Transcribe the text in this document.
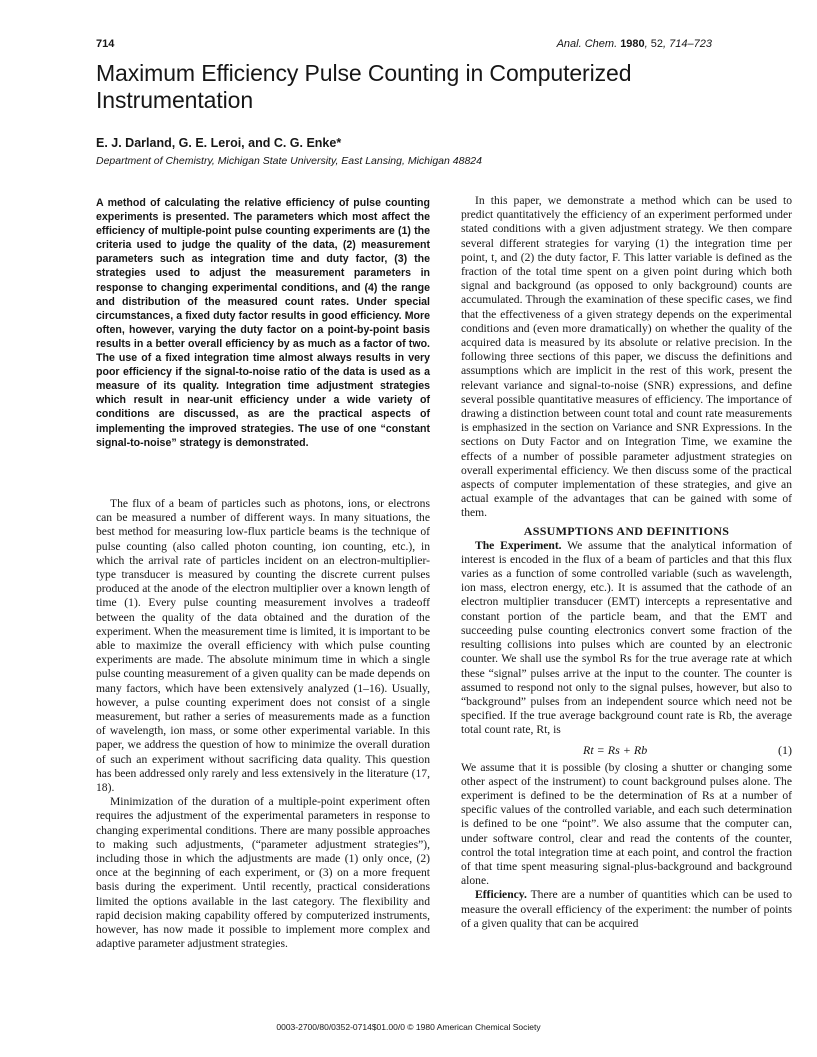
714	Anal. Chem. 1980, 52, 714–723
Maximum Efficiency Pulse Counting in Computerized Instrumentation
E. J. Darland, G. E. Leroi, and C. G. Enke*
Department of Chemistry, Michigan State University, East Lansing, Michigan 48824
A method of calculating the relative efficiency of pulse counting experiments is presented. The parameters which most affect the efficiency of multiple-point pulse counting experiments are (1) the criteria used to judge the quality of the data, (2) measurement parameters such as integration time and duty factor, (3) the strategies used to adjust the measurement parameters in response to changing experimental conditions, and (4) the range and distribution of the measured count rates. Under special circumstances, a fixed duty factor results in good efficiency. More often, however, varying the duty factor on a point-by-point basis results in a better overall efficiency by as much as a factor of two. The use of a fixed integration time almost always results in very poor efficiency if the signal-to-noise ratio of the data is used as a measure of its quality. Integration time adjustment strategies which result in near-unit efficiency under a wide variety of conditions are discussed, as are the practical aspects of implementing the improved strategies. The use of one “constant signal-to-noise” strategy is demonstrated.

The flux of a beam of particles such as photons, ions, or electrons can be measured a number of different ways. In many situations, the best method for measuring low-flux particle beams is the technique of pulse counting (also called photon counting, ion counting, etc.), in which the arrival rate of particles incident on an electron-multiplier-type transducer is measured by counting the discrete current pulses produced at the anode of the electron multiplier over a known length of time (1). Every pulse counting measurement involves a tradeoff between the quality of the data obtained and the duration of the experiment. When the measurement time is limited, it is important to be able to maximize the overall efficiency with which pulse counting experiments are made. The absolute minimum time in which a single pulse counting measurement of a given quality can be made depends on many factors, which have been extensively analyzed (1–16). Usually, however, a pulse counting experiment does not consist of a single measurement, but rather a series of measurements made as a function of wavelength, ion mass, or some other experimental variable. In this paper, we address the question of how to minimize the overall duration of such an experiment without sacrificing data quality. This question has been addressed only rarely and less extensively in the literature (17, 18).

Minimization of the duration of a multiple-point experiment often requires the adjustment of the experimental parameters in response to changing experimental conditions. There are many possible approaches to making such adjustments, (“parameter adjustment strategies”), including those in which the adjustments are made (1) only once, (2) once at the beginning of each experiment, or (3) on a more frequent basis during the experiment. Until recently, practical considerations limited the options available in the last category. The flexibility and rapid decision making capability offered by computerized instruments, however, has now made it possible to implement more complex and adaptive parameter adjustment strategies.

In this paper, we demonstrate a method which can be used to predict quantitatively the efficiency of an experiment performed under stated conditions with a given adjustment strategy. We then compare several different strategies for varying (1) the integration time per point, t, and (2) the duty factor, F. This latter variable is defined as the fraction of the total time spent on a given point during which both signal and background (as opposed to only background) counts are accumulated. Through the examination of these specific cases, we find that the effectiveness of a given strategy depends on the experimental conditions and (even more dramatically) on whether the quality of the acquired data is measured by its absolute or relative precision. In the following three sections of this paper, we discuss the definitions and assumptions which are implicit in the rest of this work, present the relevant variance and signal-to-noise (SNR) expressions, and define several possible quantitative measures of efficiency. The importance of drawing a distinction between count total and count rate measurements is emphasized in the section on Variance and SNR Expressions. In the sections on Duty Factor and on Integration Time, we examine the effects of a number of possible parameter adjustment strategies on overall experimental efficiency. We then discuss some of the practical aspects of computer implementation of these strategies, and give an actual example of the advantages that can be gained with some of them.

ASSUMPTIONS AND DEFINITIONS

The Experiment. We assume that the analytical information of interest is encoded in the flux of a beam of particles and that this flux varies as a function of some controlled variable (such as wavelength, ion mass, electron energy, etc.). It is assumed that the cathode of an electron multiplier transducer (EMT) intercepts a representative and constant portion of the particle beam, and that the EMT and succeeding pulse counting electronics convert some fraction of the resulting collisions into pulses which are counted by an electronic counter. We shall use the symbol Rs for the true average rate at which these “signal” pulses arrive at the input to the counter. The counter is assumed to respond not only to the signal pulses, however, but also to “background” pulses from an independent source which need not be specified. If the true average background count rate is Rb, the average total count rate, Rt, is

Rt = Rs + Rb	(1)

We assume that it is possible (by closing a shutter or changing some other aspect of the instrument) to count background pulses alone. The experiment is defined to be the determination of Rs at a number of specific values of the controlled variable, and each such determination is defined to be one “point”. We also assume that the computer can, under software control, clear and read the contents of the counter, control the total integration time at each point, and control the fraction of that time spent measuring signal-plus-background and background alone.

Efficiency. There are a number of quantities which can be used to measure the overall efficiency of the experiment: the number of points of a given quality that can be acquired

0003-2700/80/0352-0714$01.00/0 © 1980 American Chemical Society
